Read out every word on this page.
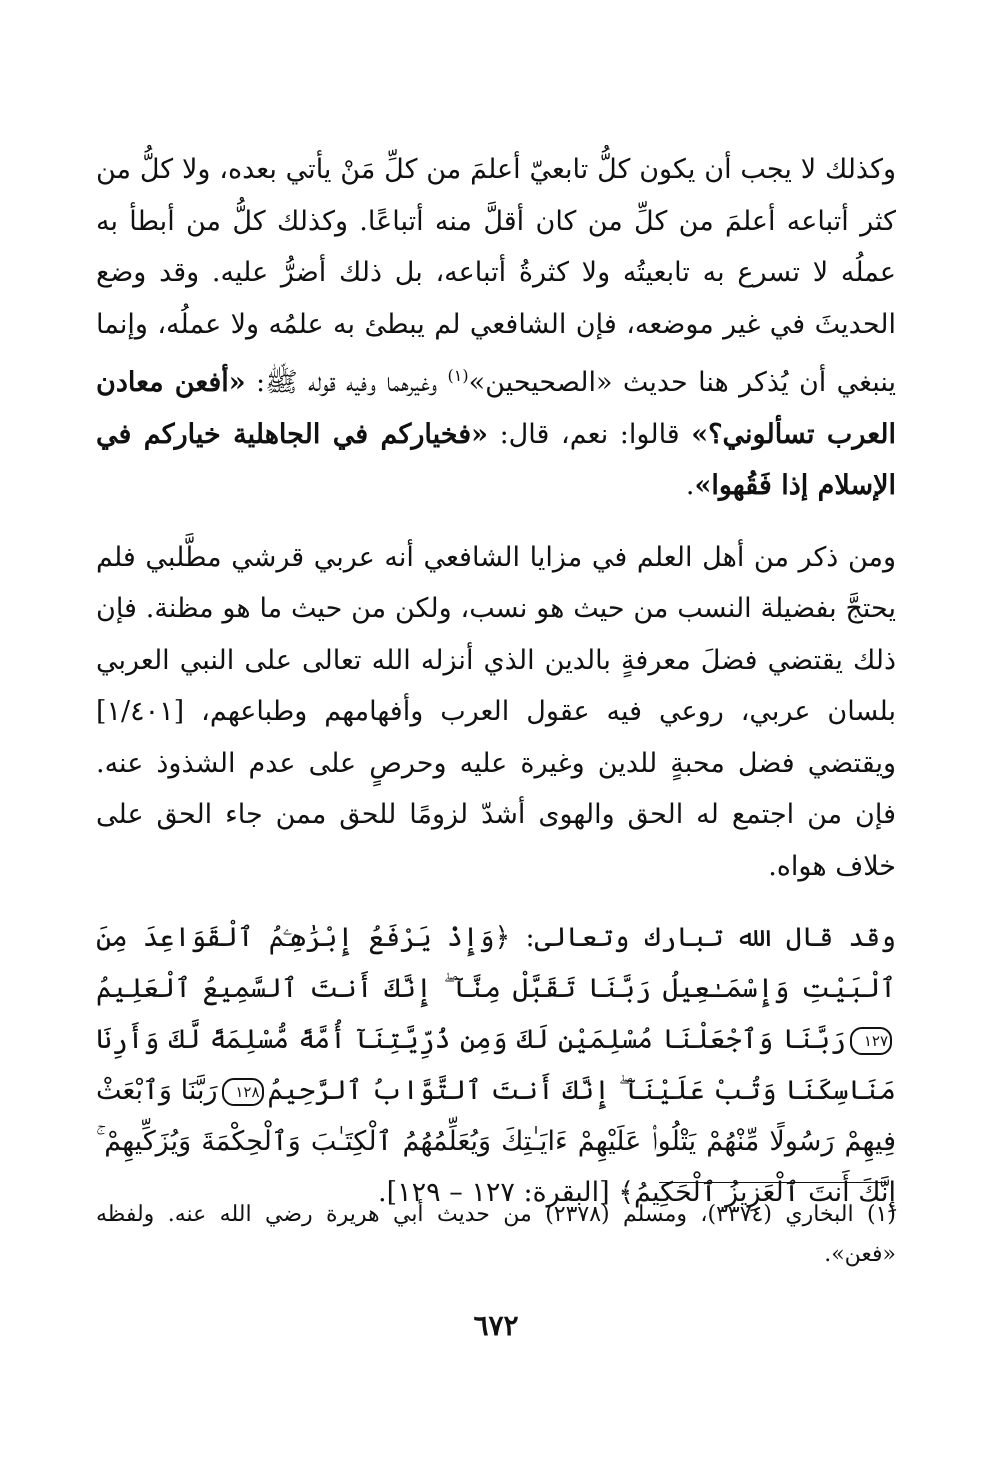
وكذلك لا يجب أن يكون كلُّ تابعيّ أعلمَ من كلِّ مَنْ يأتي بعده، ولا كلُّ من كثر أتباعه أعلمَ من كلِّ من كان أقلَّ منه أتباعًا. وكذلك كلُّ من أبطأ به عملُه لا تسرع به تابعيتُه ولا كثرةُ أتباعه، بل ذلك أضرُّ عليه. وقد وضع الحديثَ في غير موضعه، فإن الشافعي لم يبطئ به علمُه ولا عملُه، وإنما ينبغي أن يُذكر هنا حديث «الصحيحين»$^{(١)}$ وغيرهما وفيه قوله ﷺ: «أفعن معادن العرب تسألوني؟» قالوا: نعم، قال: «فخياركم في الجاهلية خياركم في الإسلام إذا فَقُهوا».

ومن ذكر من أهل العلم في مزايا الشافعي أنه عربي قرشي مطَّلبي فلم يحتجَّ بفضيلة النسب من حيث هو نسب، ولكن من حيث ما هو مظنة. فإن ذلك يقتضي فضلَ معرفةٍ بالدين الذي أنزله الله تعالى على النبي العربي بلسان عربي، روعي فيه عقول العرب وأفهامهم وطباعهم، [١/٤٠١] ويقتضي فضل محبةٍ للدين وغيرة عليه وحرصٍ على عدم الشذوذ عنه. فإن من اجتمع له الحق والهوى أشدّ لزومًا للحق ممن جاء الحق على خلاف هواه.

وقد قال الله تبارك وتعالى: ﴿وَإِذْ يَرْفَعُ إِبْرَٰهِـۧمُ ٱلْقَوَاعِدَ مِنَ ٱلْبَيْتِ وَإِسْمَـٰعِيلُ رَبَّنَا تَقَبَّلْ مِنَّآ ۖ إِنَّكَ أَنتَ ٱلسَّمِيعُ ٱلْعَلِيمُ١٢٧رَبَّنَا وَٱجْعَلْنَا مُسْلِمَيْنِ لَكَ وَمِن ذُرِّيَّتِنَآ أُمَّةً مُّسْلِمَةً لَّكَ وَأَرِنَا مَنَاسِكَنَا وَتُبْ عَلَيْنَآ ۖ إِنَّكَ أَنتَ ٱلتَّوَّابُ ٱلرَّحِيمُ١٢٨رَبَّنَا وَٱبْعَثْ فِيهِمْ رَسُولًا مِّنْهُمْ يَتْلُوا۟ عَلَيْهِمْ ءَايَـٰتِكَ وَيُعَلِّمُهُمُ ٱلْكِتَـٰبَ وَٱلْحِكْمَةَ وَيُزَكِّيهِمْ ۚ إِنَّكَ أَنتَ ٱلْعَزِيزُ ٱلْحَكِيمُ﴾ [البقرة: ١٢٧ – ١٢٩].

(١) البخاري (٣٣٧٤)، ومسلم (٢٣٧٨) من حديث أبي هريرة رضي الله عنه. ولفظه «فعن».

٦٧٢
